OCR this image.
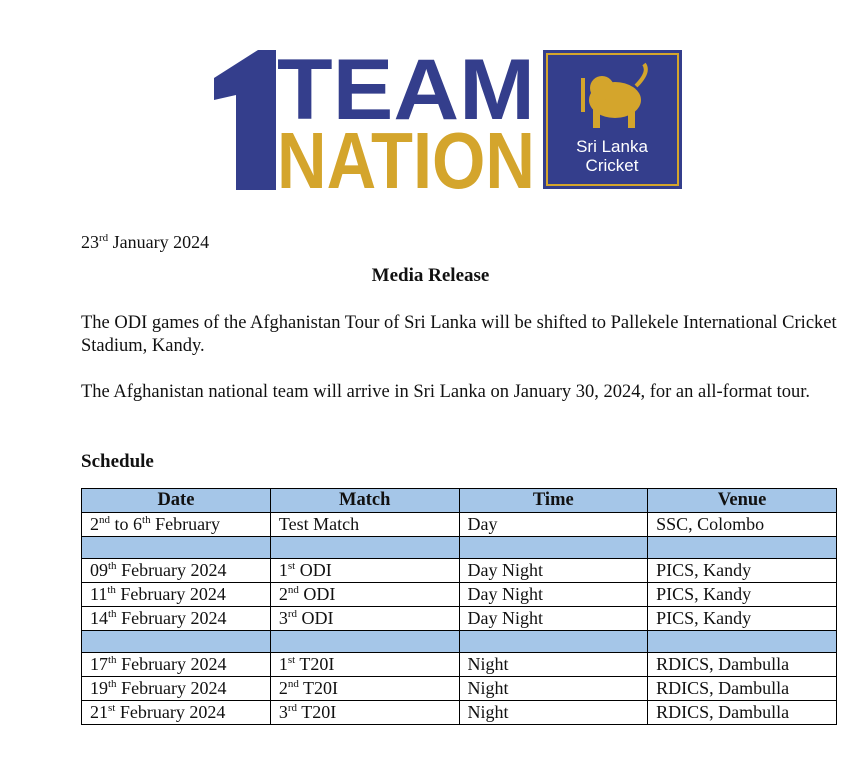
TEAM
NATION Sri Lanka
Cricket
23rd January 2024
Media Release
The ODI games of the Afghanistan Tour of Sri Lanka will be shifted to Pallekele International Cricket Stadium, Kandy.
The Afghanistan national team will arrive in Sri Lanka on January 30, 2024, for an all-format tour.
Schedule
Date	Match	Time	Venue
2nd to 6th February	Test Match	Day	SSC, Colombo

09th February 2024	1st ODI	Day Night	PICS, Kandy
11th February 2024	2nd ODI	Day Night	PICS, Kandy
14th February 2024	3rd ODI	Day Night	PICS, Kandy

17th February 2024	1st T20I	Night	RDICS, Dambulla
19th February 2024	2nd T20I	Night	RDICS, Dambulla
21st February 2024	3rd T20I	Night	RDICS, Dambulla
